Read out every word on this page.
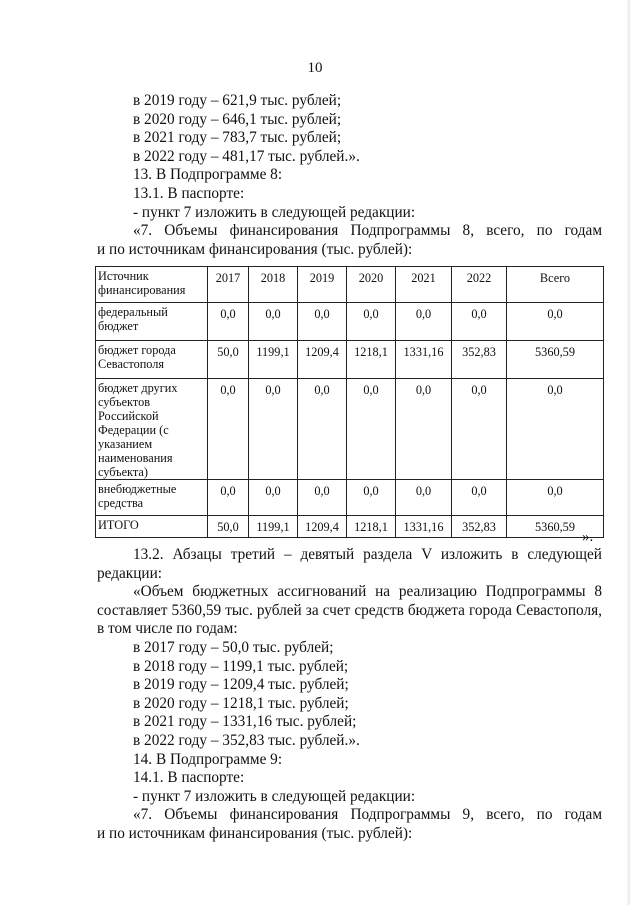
10
в 2019 году – 621,9 тыс. рублей;
в 2020 году – 646,1 тыс. рублей;
в 2021 году – 783,7 тыс. рублей;
в 2022 году – 481,17 тыс. рублей.».
13. В Подпрограмме 8:
13.1. В паспорте:
- пункт 7 изложить в следующей редакции:
«7. Объемы финансирования Подпрограммы 8, всего, по годам
и по источникам финансирования (тыс. рублей):
Источник финансирования	2017	2018	2019	2020	2021	2022	Всего
федеральный бюджет	0,0	0,0	0,0	0,0	0,0	0,0	0,0
бюджет города Севастополя	50,0	1199,1	1209,4	1218,1	1331,16	352,83	5360,59
бюджет других субъектов Российской Федерации (с указанием наименования субъекта)	0,0	0,0	0,0	0,0	0,0	0,0	0,0
внебюджетные средства	0,0	0,0	0,0	0,0	0,0	0,0	0,0
ИТОГО	50,0	1199,1	1209,4	1218,1	1331,16	352,83	5360,59
».
13.2. Абзацы третий – девятый раздела V изложить в следующей
редакции:
«Объем бюджетных ассигнований на реализацию Подпрограммы 8
составляет 5360,59 тыс. рублей за счет средств бюджета города Севастополя,
в том числе по годам:
в 2017 году – 50,0 тыс. рублей;
в 2018 году – 1199,1 тыс. рублей;
в 2019 году – 1209,4 тыс. рублей;
в 2020 году – 1218,1 тыс. рублей;
в 2021 году – 1331,16 тыс. рублей;
в 2022 году – 352,83 тыс. рублей.».
14. В Подпрограмме 9:
14.1. В паспорте:
- пункт 7 изложить в следующей редакции:
«7. Объемы финансирования Подпрограммы 9, всего, по годам
и по источникам финансирования (тыс. рублей):
